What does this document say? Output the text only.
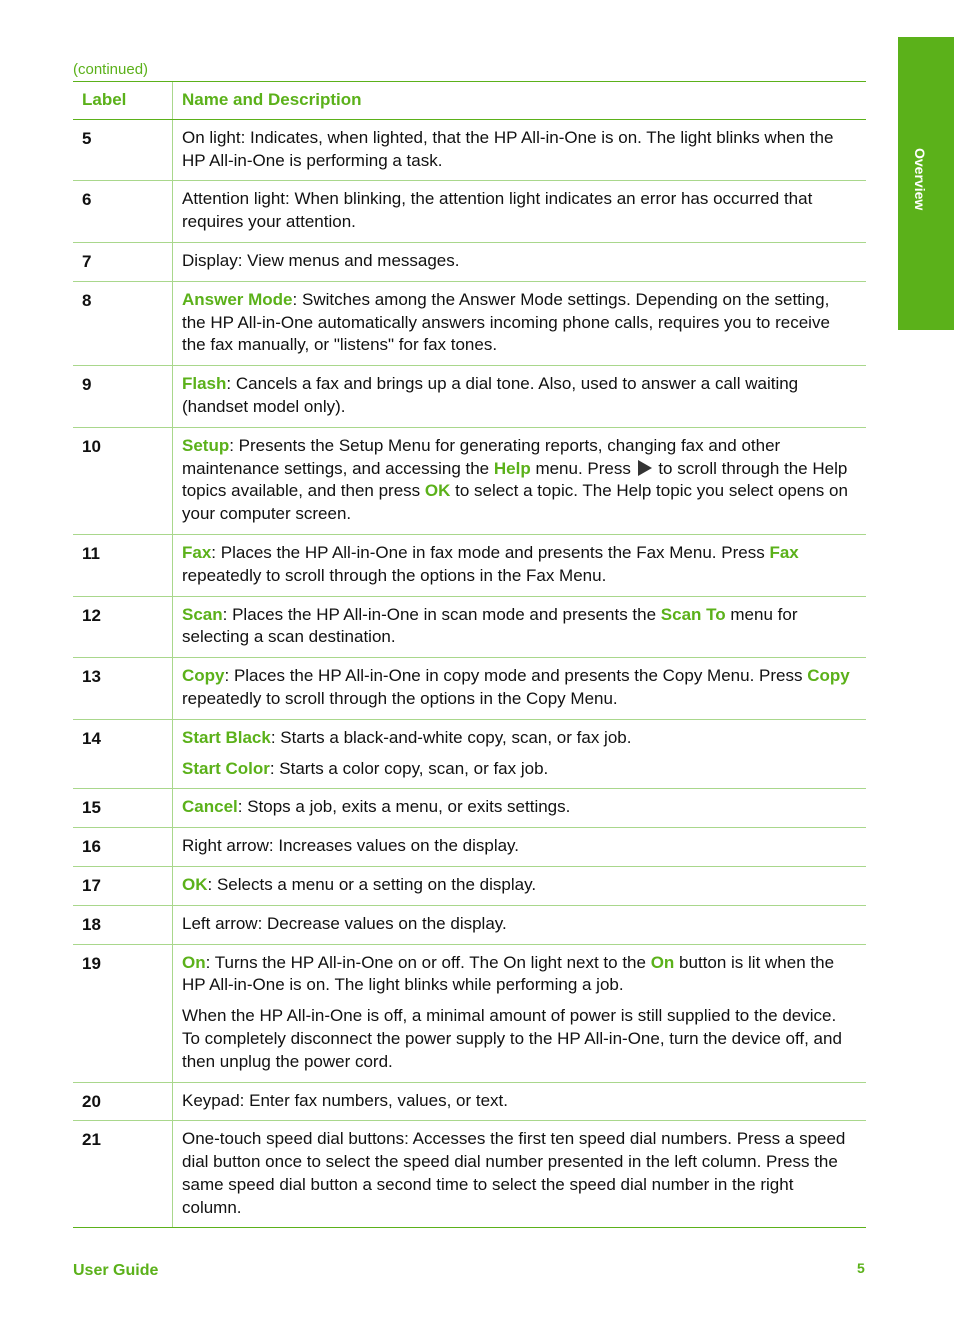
Overview
(continued)
Label	Name and Description
5	On light: Indicates, when lighted, that the HP All-in-One is on. The light blinks when the HP All-in-One is performing a task.
6	Attention light: When blinking, the attention light indicates an error has occurred that requires your attention.
7	Display: View menus and messages.
8	Answer Mode: Switches among the Answer Mode settings. Depending on the setting, the HP All-in-One automatically answers incoming phone calls, requires you to receive the fax manually, or "listens" for fax tones.
9	Flash: Cancels a fax and brings up a dial tone. Also, used to answer a call waiting (handset model only).
10	Setup: Presents the Setup Menu for generating reports, changing fax and other maintenance settings, and accessing the Help menu. Press  to scroll through the Help topics available, and then press OK to select a topic. The Help topic you select opens on your computer screen.
11	Fax: Places the HP All-in-One in fax mode and presents the Fax Menu. Press Fax repeatedly to scroll through the options in the Fax Menu.
12	Scan: Places the HP All-in-One in scan mode and presents the Scan To menu for selecting a scan destination.
13	Copy: Places the HP All-in-One in copy mode and presents the Copy Menu. Press Copy repeatedly to scroll through the options in the Copy Menu.
14	Start Black: Starts a black-and-white copy, scan, or fax job.

Start Color: Starts a color copy, scan, or fax job.

15	Cancel: Stops a job, exits a menu, or exits settings.
16	Right arrow: Increases values on the display.
17	OK: Selects a menu or a setting on the display.
18	Left arrow: Decrease values on the display.
19	On: Turns the HP All-in-One on or off. The On light next to the On button is lit when the HP All-in-One is on. The light blinks while performing a job.

When the HP All-in-One is off, a minimal amount of power is still supplied to the device. To completely disconnect the power supply to the HP All-in-One, turn the device off, and then unplug the power cord.

20	Keypad: Enter fax numbers, values, or text.
21	One-touch speed dial buttons: Accesses the first ten speed dial numbers. Press a speed dial button once to select the speed dial number presented in the left column. Press the same speed dial button a second time to select the speed dial number in the right column.
User Guide	5
